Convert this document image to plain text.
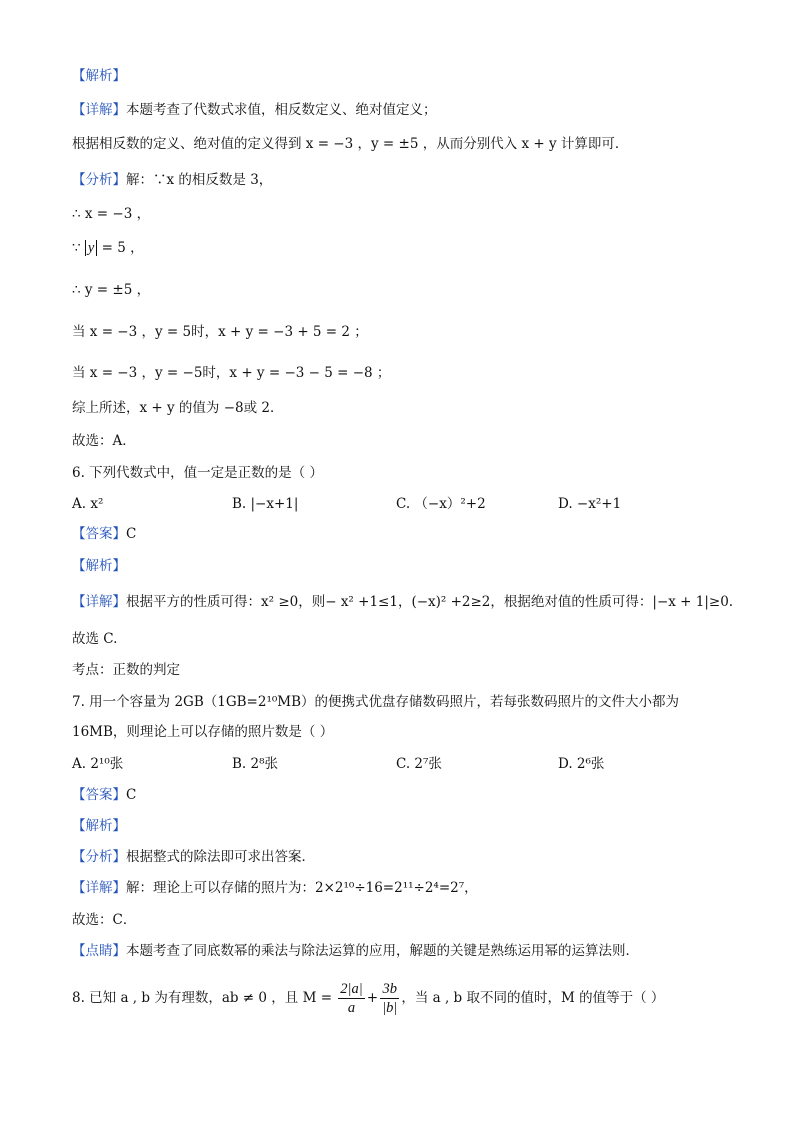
【解析】
【详解】本题考查了代数式求值，相反数定义、绝对值定义；
根据相反数的定义、绝对值的定义得到 x = −3 ，y = ±5 ，从而分别代入 x + y 计算即可．
【分析】解：∵x 的相反数是 3，
∴ x = −3 ，
∵ y = 5 ，
∴ y = ±5 ，
当 x = −3 ，y = 5时，x + y = −3 + 5 = 2 ；
当 x = −3 ，y = −5时，x + y = −3 − 5 = −8 ；
综上所述，x + y 的值为 −8或 2．
故选：A．
6. 下列代数式中，值一定是正数的是（ ）
A. x²	B. |−x+1|	C. （−x）²+2	D. −x²+1
【答案】C
【解析】
【详解】根据平方的性质可得：x² ≥0，则− x² +1≤1，(−x)² +2≥2，根据绝对值的性质可得：|−x + 1|≥0.
故选 C.
考点：正数的判定
7. 用一个容量为 2GB（1GB=2¹⁰MB）的便携式优盘存储数码照片，若每张数码照片的文件大小都为
16MB，则理论上可以存储的照片数是（ ）
A. 2¹⁰张	B. 2⁸张	C. 2⁷张	D. 2⁶张
【答案】C
【解析】
【分析】根据整式的除法即可求出答案．
【详解】解：理论上可以存储的照片为：2×2¹⁰÷16=2¹¹÷2⁴=2⁷，
故选：C．
【点睛】本题考查了同底数幂的乘法与除法运算的应用，解题的关键是熟练运用幂的运算法则．
8. 已知 a , b 为有理数，ab ≠ 0 ，且 $M = \frac{2|a|}{a} + \frac{3b}{|b|}$ ，当 a , b 取不同的值时，M 的值等于（ ）
